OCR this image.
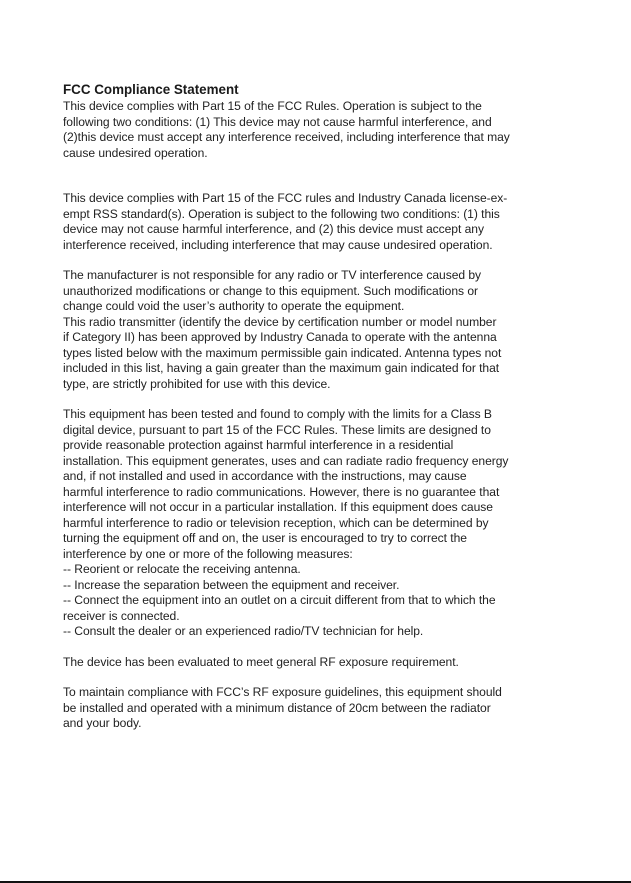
FCC Compliance Statement

This device complies with Part 15 of the FCC Rules. Operation is subject to the
following two conditions: (1) This device may not cause harmful interference, and
(2)this device must accept any interference received, including interference that may
cause undesired operation.

This device complies with Part 15 of the FCC rules and Industry Canada license-ex-
empt RSS standard(s). Operation is subject to the following two conditions: (1) this
device may not cause harmful interference, and (2) this device must accept any
interference received, including interference that may cause undesired operation.

The manufacturer is not responsible for any radio or TV interference caused by
unauthorized modifications or change to this equipment. Such modifications or
change could void the user’s authority to operate the equipment.
This radio transmitter (identify the device by certification number or model number
if Category II) has been approved by Industry Canada to operate with the antenna
types listed below with the maximum permissible gain indicated. Antenna types not
included in this list, having a gain greater than the maximum gain indicated for that
type, are strictly prohibited for use with this device.

This equipment has been tested and found to comply with the limits for a Class B
digital device, pursuant to part 15 of the FCC Rules. These limits are designed to
provide reasonable protection against harmful interference in a residential
installation. This equipment generates, uses and can radiate radio frequency energy
and, if not installed and used in accordance with the instructions, may cause
harmful interference to radio communications. However, there is no guarantee that
interference will not occur in a particular installation. If this equipment does cause
harmful interference to radio or television reception, which can be determined by
turning the equipment off and on, the user is encouraged to try to correct the
interference by one or more of the following measures:
-- Reorient or relocate the receiving antenna.
-- Increase the separation between the equipment and receiver.
-- Connect the equipment into an outlet on a circuit different from that to which the
receiver is connected.
-- Consult the dealer or an experienced radio/TV technician for help.

The device has been evaluated to meet general RF exposure requirement.

To maintain compliance with FCC’s RF exposure guidelines, this equipment should
be installed and operated with a minimum distance of 20cm between the radiator
and your body.
